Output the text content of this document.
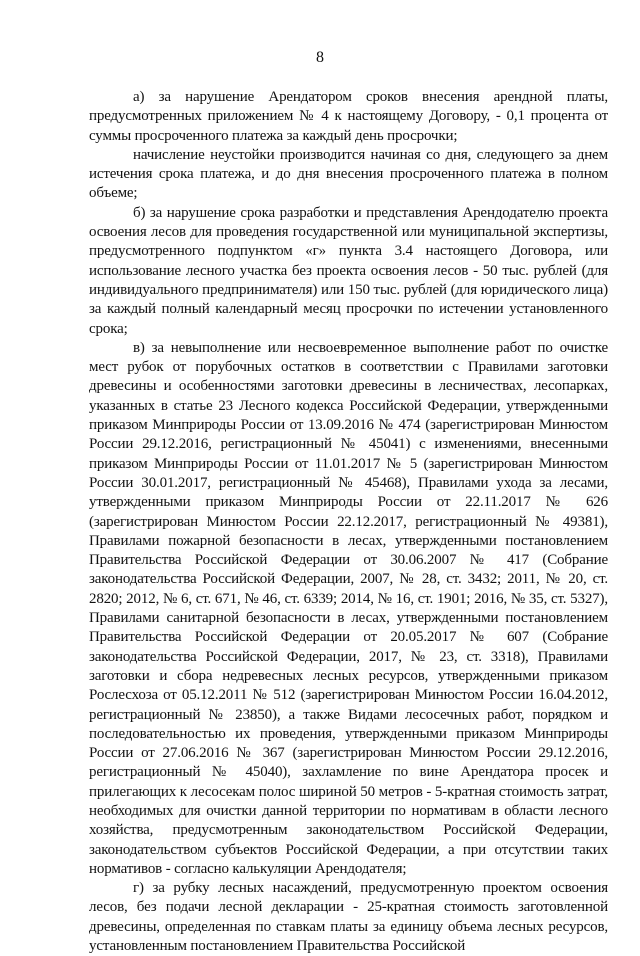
8

а) за нарушение Арендатором сроков внесения арендной платы, предусмотренных приложением № 4 к настоящему Договору, - 0,1 процента от суммы просроченного платежа за каждый день просрочки;

начисление неустойки производится начиная со дня, следующего за днем истечения срока платежа, и до дня внесения просроченного платежа в полном объеме;

б) за нарушение срока разработки и представления Арендодателю проекта освоения лесов для проведения государственной или муниципальной экспертизы, предусмотренного подпунктом «г» пункта 3.4 настоящего Договора, или использование лесного участка без проекта освоения лесов - 50 тыс. рублей (для индивидуального предпринимателя) или 150 тыс. рублей (для юридического лица) за каждый полный календарный месяц просрочки по истечении установленного срока;

в) за невыполнение или несвоевременное выполнение работ по очистке мест рубок от порубочных остатков в соответствии с Правилами заготовки древесины и особенностями заготовки древесины в лесничествах, лесопарках, указанных в статье 23 Лесного кодекса Российской Федерации, утвержденными приказом Минприроды России от 13.09.2016 № 474 (зарегистрирован Минюстом России 29.12.2016, регистрационный № 45041) с изменениями, внесенными приказом Минприроды России от 11.01.2017 № 5 (зарегистрирован Минюстом России 30.01.2017, регистрационный № 45468), Правилами ухода за лесами, утвержденными приказом Минприроды России от 22.11.2017 № 626 (зарегистрирован Минюстом России 22.12.2017, регистрационный № 49381), Правилами пожарной безопасности в лесах, утвержденными постановлением Правительства Российской Федерации от 30.06.2007 № 417 (Собрание законодательства Российской Федерации, 2007, № 28, ст. 3432; 2011, № 20, ст. 2820; 2012, № 6, ст. 671, № 46, ст. 6339; 2014, № 16, ст. 1901; 2016, № 35, ст. 5327), Правилами санитарной безопасности в лесах, утвержденными постановлением Правительства Российской Федерации от 20.05.2017 № 607 (Собрание законодательства Российской Федерации, 2017, № 23, ст. 3318), Правилами заготовки и сбора недревесных лесных ресурсов, утвержденными приказом Рослесхоза от 05.12.2011 № 512 (зарегистрирован Минюстом России 16.04.2012, регистрационный № 23850), а также Видами лесосечных работ, порядком и последовательностью их проведения, утвержденными приказом Минприроды России от 27.06.2016 № 367 (зарегистрирован Минюстом России 29.12.2016, регистрационный № 45040), захламление по вине Арендатора просек и прилегающих к лесосекам полос шириной 50 метров - 5-кратная стоимость затрат, необходимых для очистки данной территории по нормативам в области лесного хозяйства, предусмотренным законодательством Российской Федерации, законодательством субъектов Российской Федерации, а при отсутствии таких нормативов - согласно калькуляции Арендодателя;

г) за рубку лесных насаждений, предусмотренную проектом освоения лесов, без подачи лесной декларации - 25-кратная стоимость заготовленной древесины, определенная по ставкам платы за единицу объема лесных ресурсов, установленным постановлением Правительства Российской
